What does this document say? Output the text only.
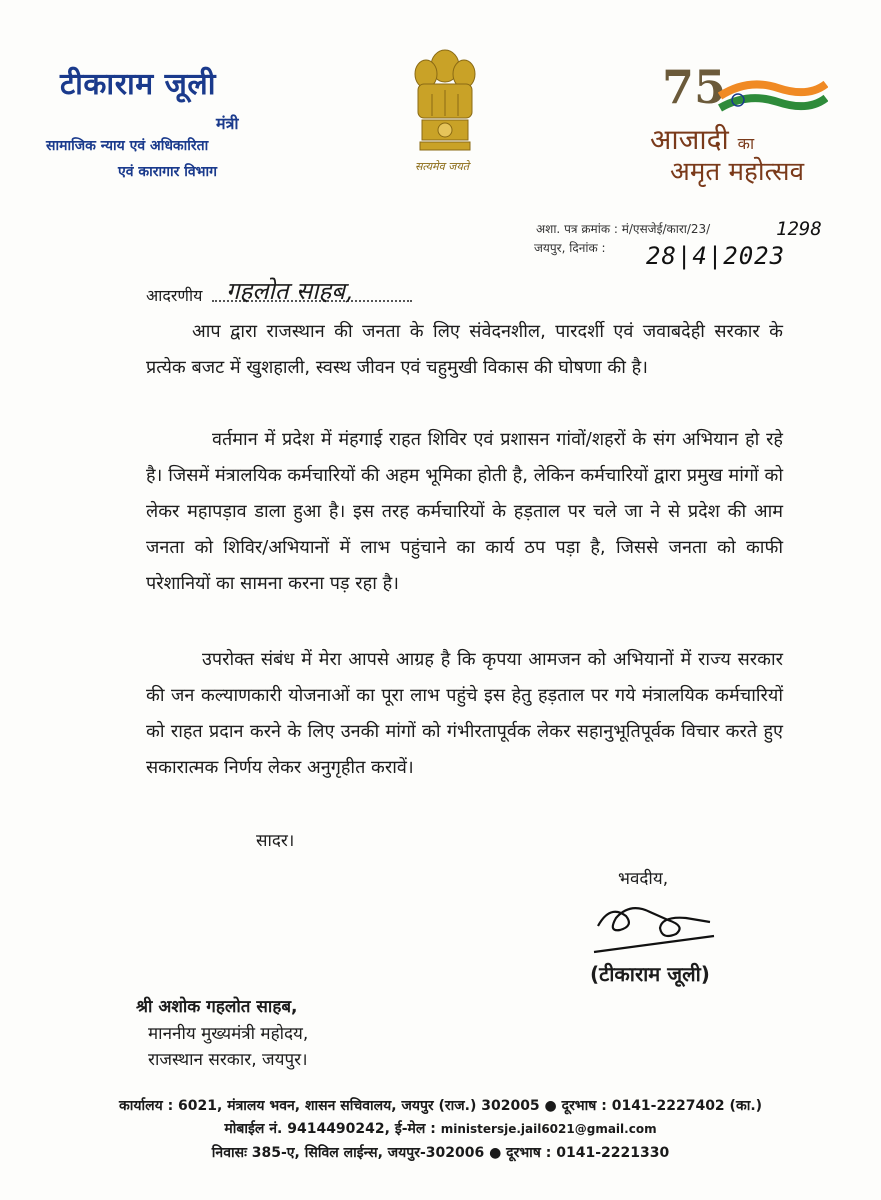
टीकाराम जूली
मंत्री
सामाजिक न्याय एवं अधिकारिता
एवं कारागार विभाग	सत्यमेव जयते
75
आजादी का
अमृत महोत्सव
अशा. पत्र क्रमांक : मं/एसजेई/कारा/23/	1298
जयपुर, दिनांक : 28|4|2023
आदरणीय गहलोत साहब,
आप द्वारा राजस्थान की जनता के लिए संवेदनशील, पारदर्शी एवं जवाबदेही सरकार के प्रत्येक बजट में खुशहाली, स्वस्थ जीवन एवं चहुमुखी विकास की घोषणा की है।
वर्तमान में प्रदेश में मंहगाई राहत शिविर एवं प्रशासन गांवों/शहरों के संग अभियान हो रहे है। जिसमें मंत्रालयिक कर्मचारियों की अहम भूमिका होती है, लेकिन कर्मचारियों द्वारा प्रमुख मांगों को लेकर महापड़ाव डाला हुआ है। इस तरह कर्मचारियों के हड़ताल पर चले जा ने से प्रदेश की आम जनता को शिविर/अभियानों में लाभ पहुंचाने का कार्य ठप पड़ा है, जिससे जनता को काफी परेशानियों का सामना करना पड़ रहा है।
उपरोक्त संबंध में मेरा आपसे आग्रह है कि कृपया आमजन को अभियानों में राज्य सरकार की जन कल्याणकारी योजनाओं का पूरा लाभ पहुंचे इस हेतु हड़ताल पर गये मंत्रालयिक कर्मचारियों को राहत प्रदान करने के लिए उनकी मांगों को गंभीरतापूर्वक लेकर सहानुभूतिपूर्वक विचार करते हुए सकारात्मक निर्णय लेकर अनुगृहीत करावें।
सादर।
भवदीय,
(टीकाराम जूली)
श्री अशोक गहलोत साहब,
माननीय मुख्यमंत्री महोदय,
राजस्थान सरकार, जयपुर।
कार्यालय : 6021, मंत्रालय भवन, शासन सचिवालय, जयपुर (राज.) 302005 ● दूरभाष : 0141-2227402 (का.)
मोबाईल नं. 9414490242, ई-मेल : ministersje.jail6021@gmail.com
निवासः 385-ए, सिविल लाईन्स, जयपुर-302006 ● दूरभाष : 0141-2221330
